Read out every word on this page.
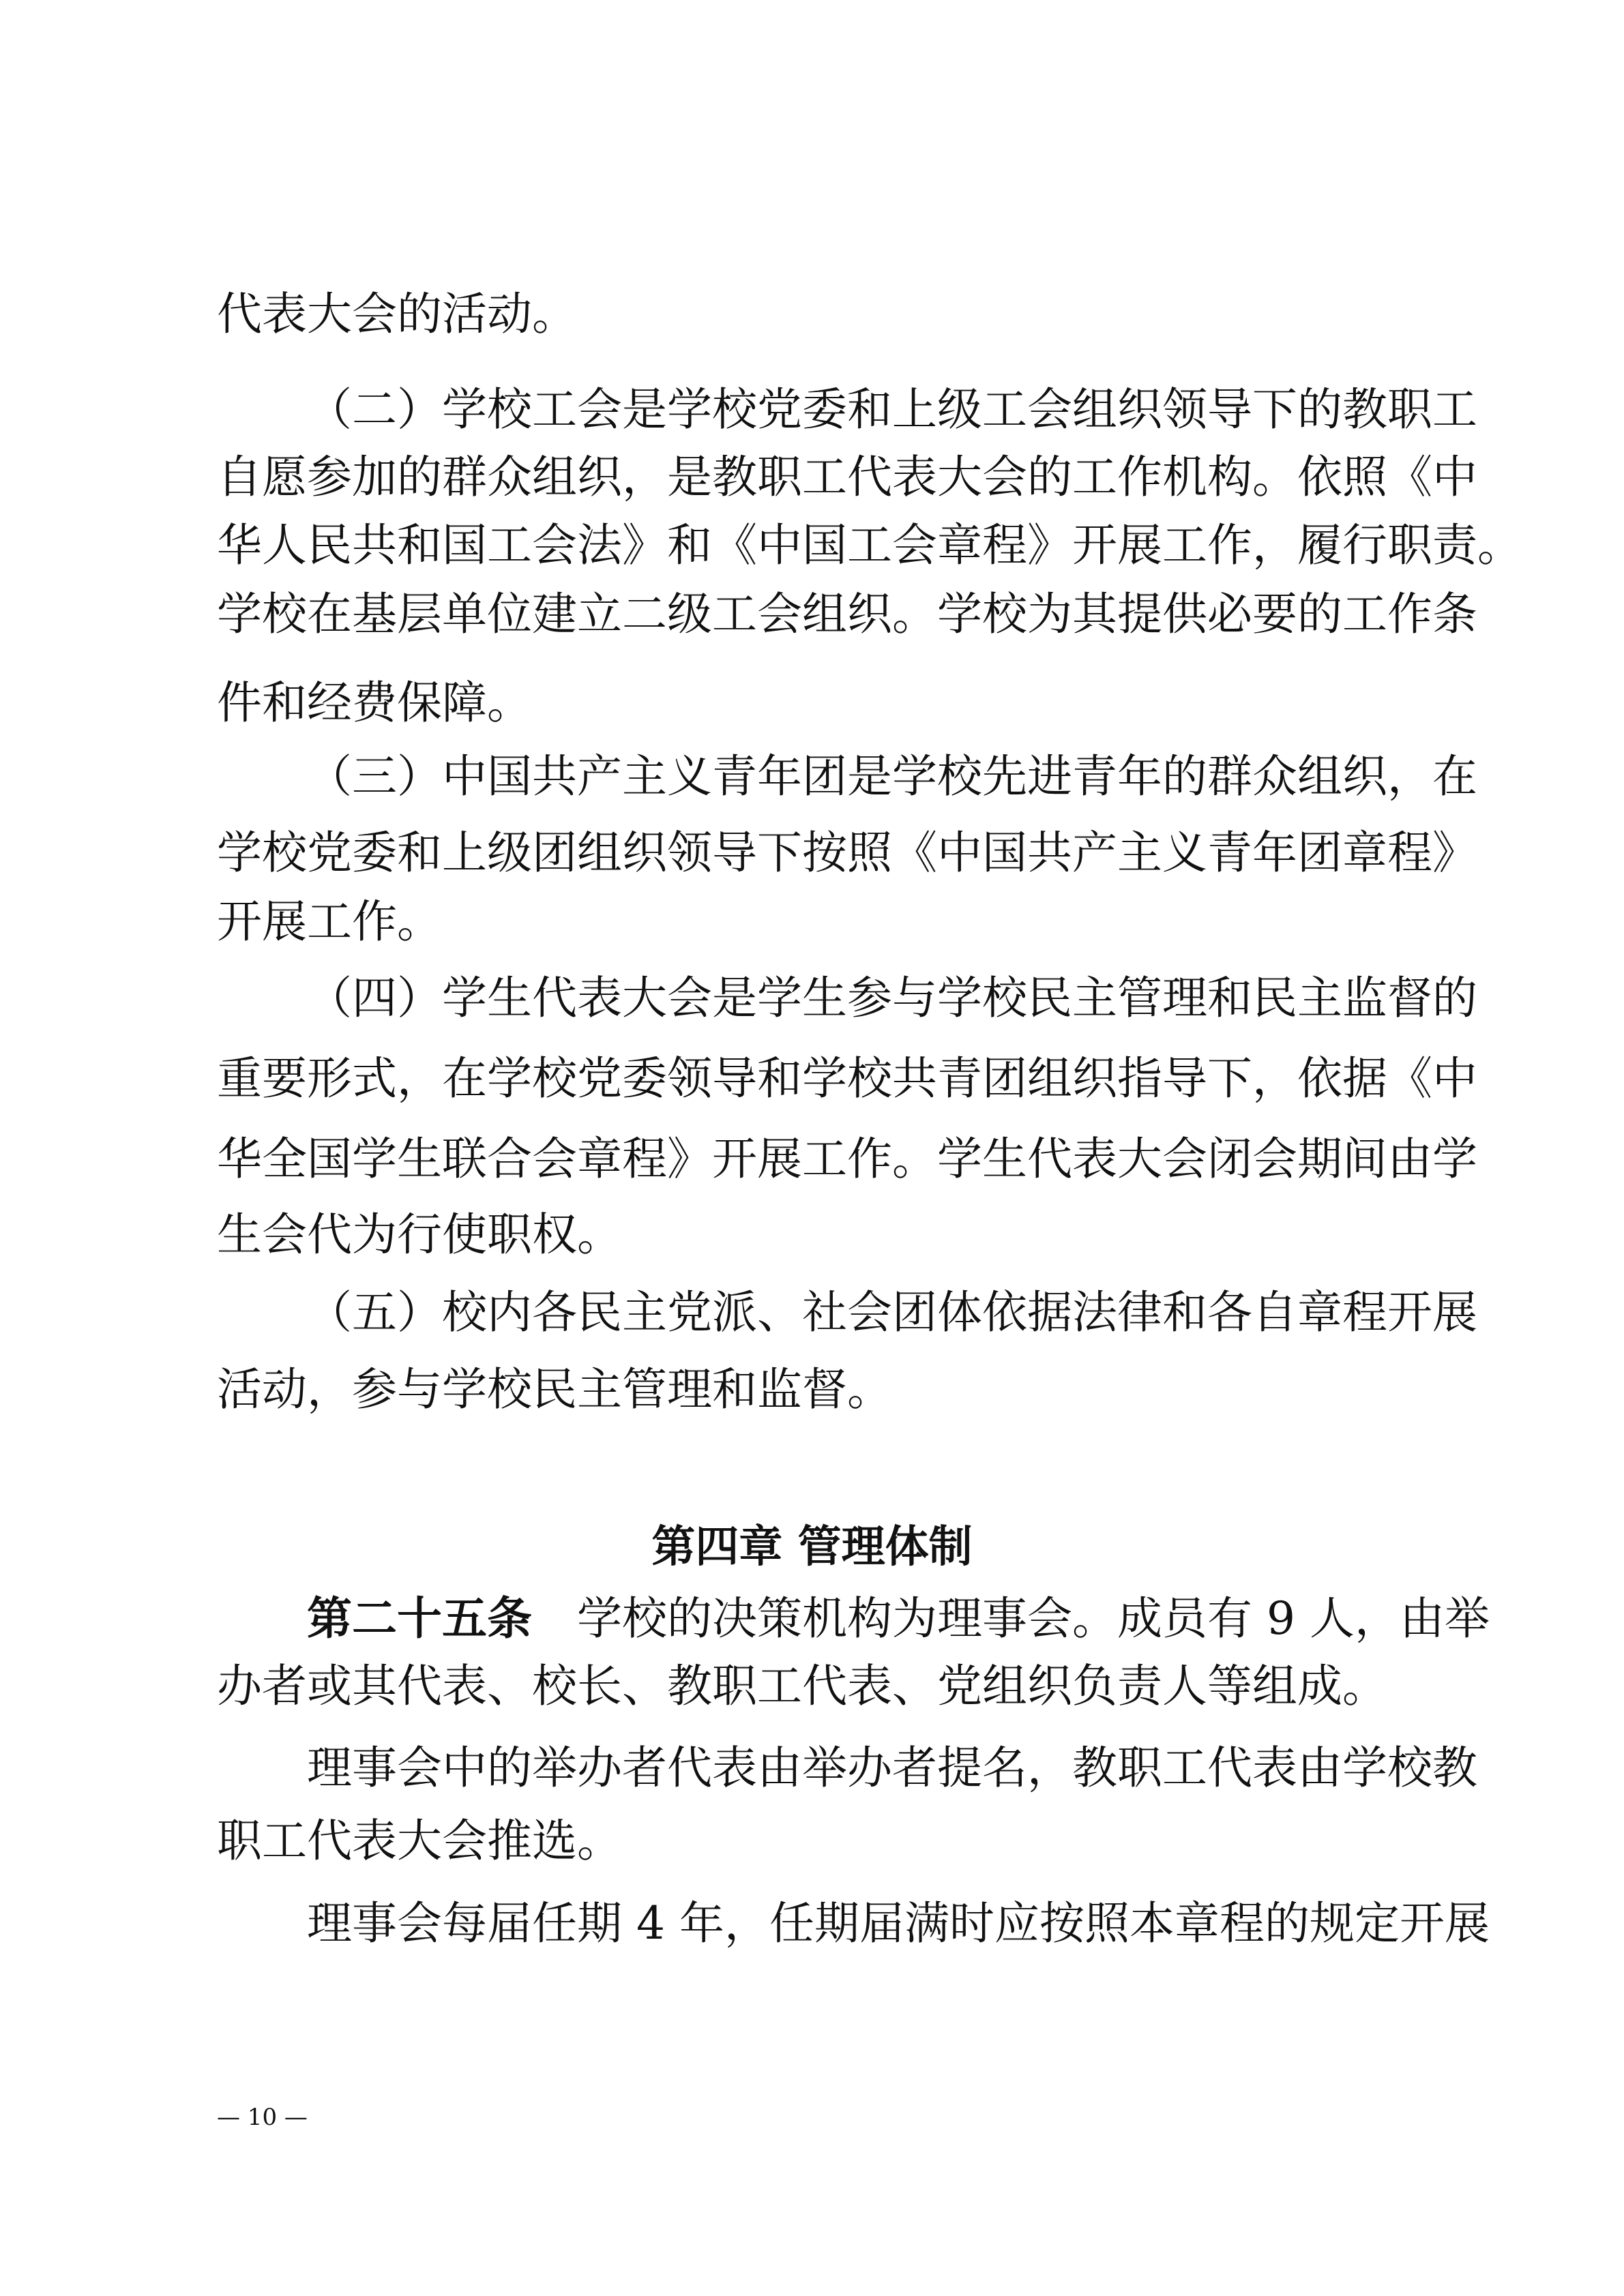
代表大会的活动。
（二）学校工会是学校党委和上级工会组织领导下的教职工
自愿参加的群众组织，是教职工代表大会的工作机构。依照《中
华人民共和国工会法》和《中国工会章程》开展工作，履行职责。
学校在基层单位建立二级工会组织。学校为其提供必要的工作条
件和经费保障。
（三）中国共产主义青年团是学校先进青年的群众组织，在
学校党委和上级团组织领导下按照《中国共产主义青年团章程》
开展工作。
（四）学生代表大会是学生参与学校民主管理和民主监督的
重要形式，在学校党委领导和学校共青团组织指导下，依据《中
华全国学生联合会章程》开展工作。学生代表大会闭会期间由学
生会代为行使职权。
（五）校内各民主党派、社会团体依据法律和各自章程开展
活动，参与学校民主管理和监督。
第四章 管理体制
第二十五条 学校的决策机构为理事会。成员有 9 人，由举
办者或其代表、校长、教职工代表、党组织负责人等组成。
理事会中的举办者代表由举办者提名，教职工代表由学校教
职工代表大会推选。
理事会每届任期 4 年，任期届满时应按照本章程的规定开展
— 10 —
